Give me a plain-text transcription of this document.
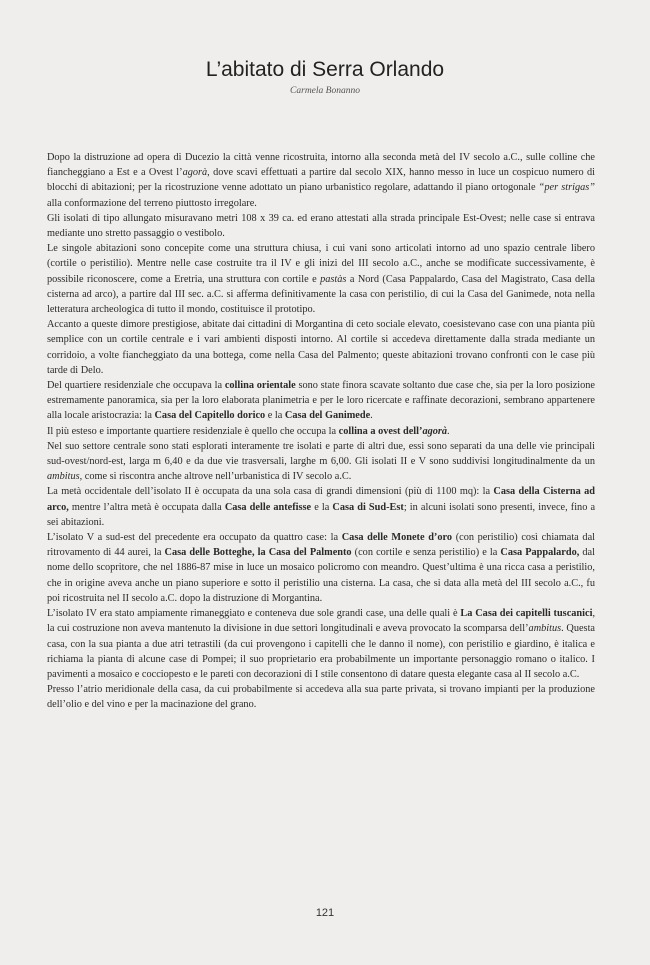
L’abitato di Serra Orlando
Carmela Bonanno

Dopo la distruzione ad opera di Ducezio la città venne ricostruita, intorno alla seconda metà del IV secolo a.C., sulle colline che fiancheggiano a Est e a Ovest l’agorà, dove scavi effettuati a partire dal secolo XIX, hanno messo in luce un cospicuo numero di blocchi di abitazioni; per la ricostruzione venne adottato un piano urbanistico regolare, adattando il piano ortogonale “per strigas” alla conformazione del terreno piuttosto irregolare.

Gli isolati di tipo allungato misuravano metri 108 x 39 ca. ed erano attestati alla strada principale Est-Ovest; nelle case si entrava mediante uno stretto passaggio o vestibolo.

Le singole abitazioni sono concepite come una struttura chiusa, i cui vani sono articolati intorno ad uno spazio centrale libero (cortile o peristilio). Mentre nelle case costruite tra il IV e gli inizi del III secolo a.C., anche se modificate successivamente, è possibile riconoscere, come a Eretria, una struttura con cortile e pastàs a Nord (Casa Pappalardo, Casa del Magistrato, Casa della cisterna ad arco), a partire dal III sec. a.C. si afferma definitivamente la casa con peristilio, di cui la Casa del Ganimede, nota nella letteratura archeologica di tutto il mondo, costituisce il prototipo.

Accanto a queste dimore prestigiose, abitate dai cittadini di Morgantina di ceto sociale elevato, coesistevano case con una pianta più semplice con un cortile centrale e i vari ambienti disposti intorno. Al cortile si accedeva direttamente dalla strada mediante un corridoio, a volte fiancheggiato da una bottega, come nella Casa del Palmento; queste abitazioni trovano confronti con le case più tarde di Delo.

Del quartiere residenziale che occupava la collina orientale sono state finora scavate soltanto due case che, sia per la loro posizione estremamente panoramica, sia per la loro elaborata planimetria e per le loro ricercate e raffinate decorazioni, sembrano appartenere alla locale aristocrazia: la Casa del Capitello dorico e la Casa del Ganimede.

Il più esteso e importante quartiere residenziale è quello che occupa la collina a ovest dell’agorà.

Nel suo settore centrale sono stati esplorati interamente tre isolati e parte di altri due, essi sono separati da una delle vie principali sud-ovest/nord-est, larga m 6,40 e da due vie trasversali, larghe m 6,00. Gli isolati II e V sono suddivisi longitudinalmente da un ambitus, come si riscontra anche altrove nell’urbanistica di IV secolo a.C.

La metà occidentale dell’isolato II è occupata da una sola casa di grandi dimensioni (più di 1100 mq): la Casa della Cisterna ad arco, mentre l’altra metà è occupata dalla Casa delle antefisse e la Casa di Sud-Est; in alcuni isolati sono presenti, invece, fino a sei abitazioni.

L’isolato V a sud-est del precedente era occupato da quattro case: la Casa delle Monete d’oro (con peristilio) così chiamata dal ritrovamento di 44 aurei, la Casa delle Botteghe, la Casa del Palmento (con cortile e senza peristilio) e la Casa Pappalardo, dal nome dello scopritore, che nel 1886-87 mise in luce un mosaico policromo con meandro. Quest’ultima è una ricca casa a peristilio, che in origine aveva anche un piano superiore e sotto il peristilio una cisterna. La casa, che si data alla metà del III secolo a.C., fu poi ricostruita nel II secolo a.C. dopo la distruzione di Morgantina.

L’isolato IV era stato ampiamente rimaneggiato e conteneva due sole grandi case, una delle quali è La Casa dei capitelli tuscanici, la cui costruzione non aveva mantenuto la divisione in due settori longitudinali e aveva provocato la scomparsa dell’ambitus. Questa casa, con la sua pianta a due atri tetrastili (da cui provengono i capitelli che le danno il nome), con peristilio e giardino, è italica e richiama la pianta di alcune case di Pompei; il suo proprietario era probabilmente un importante personaggio romano o italico. I pavimenti a mosaico e cocciopesto e le pareti con decorazioni di I stile consentono di datare questa elegante casa al II secolo a.C.

Presso l’atrio meridionale della casa, da cui probabilmente si accedeva alla sua parte privata, si trovano impianti per la produzione dell’olio e del vino e per la macinazione del grano.

121
